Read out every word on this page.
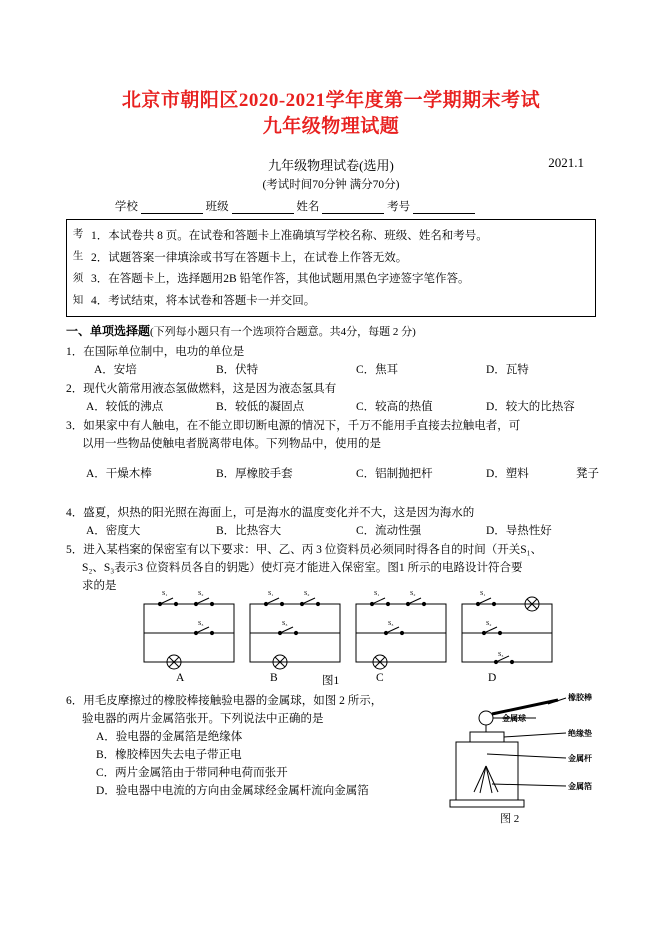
北京市朝阳区2020-2021学年度第一学期期末考试
九年级物理试题
九年级物理试卷(选用)	2021.1
(考试时间70分钟 满分70分)
学校	班级	姓名	考号
考
生
须
知
1．本试卷共 8 页。在试卷和答题卡上准确填写学校名称、班级、姓名和考号。
2．试题答案一律填涂或书写在答题卡上，在试卷上作答无效。
3．在答题卡上，选择题用2B 铅笔作答，其他试题用黑色字迹签字笔作答。
4．考试结束，将本试卷和答题卡一并交回。
一、单项选择题(下列每小题只有一个选项符合题意。共4分，每题 2 分)
1．在国际单位制中，电功的单位是
A．安培	B．伏特	C．焦耳	D．瓦特
2．现代火箭常用液态氢做燃料，这是因为液态氢具有
A．较低的沸点	B．较低的凝固点	C．较高的热值	D．较大的比热容
3．如果家中有人触电，在不能立即切断电源的情况下，千万不能用手直接去拉触电者，可
以用一些物品使触电者脱离带电体。下列物品中，使用的是
A．干燥木棒	B．厚橡胶手套	C．铝制抛把杆	D．塑料	凳子
4．盛夏，炽热的阳光照在海面上，可是海水的温度变化并不大，这是因为海水的
A．密度大	B．比热容大	C．流动性强	D．导热性好
5．进入某档案的保密室有以下要求：甲、乙、丙 3 位资料员必须同时得各自的时间（开关S₁、
S₂、S₃表示3 位资料员各自的钥匙）使灯亮才能进入保密室。图1 所示的电路设计符合要
求的是
S₁	S₂
S₃
S₁	S₂
S₃
S₁	S₂
S₃
S₁
S₂
S₃
A	B	图1	C	D
6．用毛皮摩擦过的橡胶棒接触验电器的金属球，如图 2 所示，
验电器的两片金属箔张开。下列说法中正确的是
A．验电器的金属箔是绝缘体
B．橡胶棒因失去电子带正电
C．两片金属箔由于带同种电荷而张开
D．验电器中电流的方向由金属球经金属杆流向金属箔
橡胶棒
金属球
绝缘垫
金属杆
金属箔
图 2
